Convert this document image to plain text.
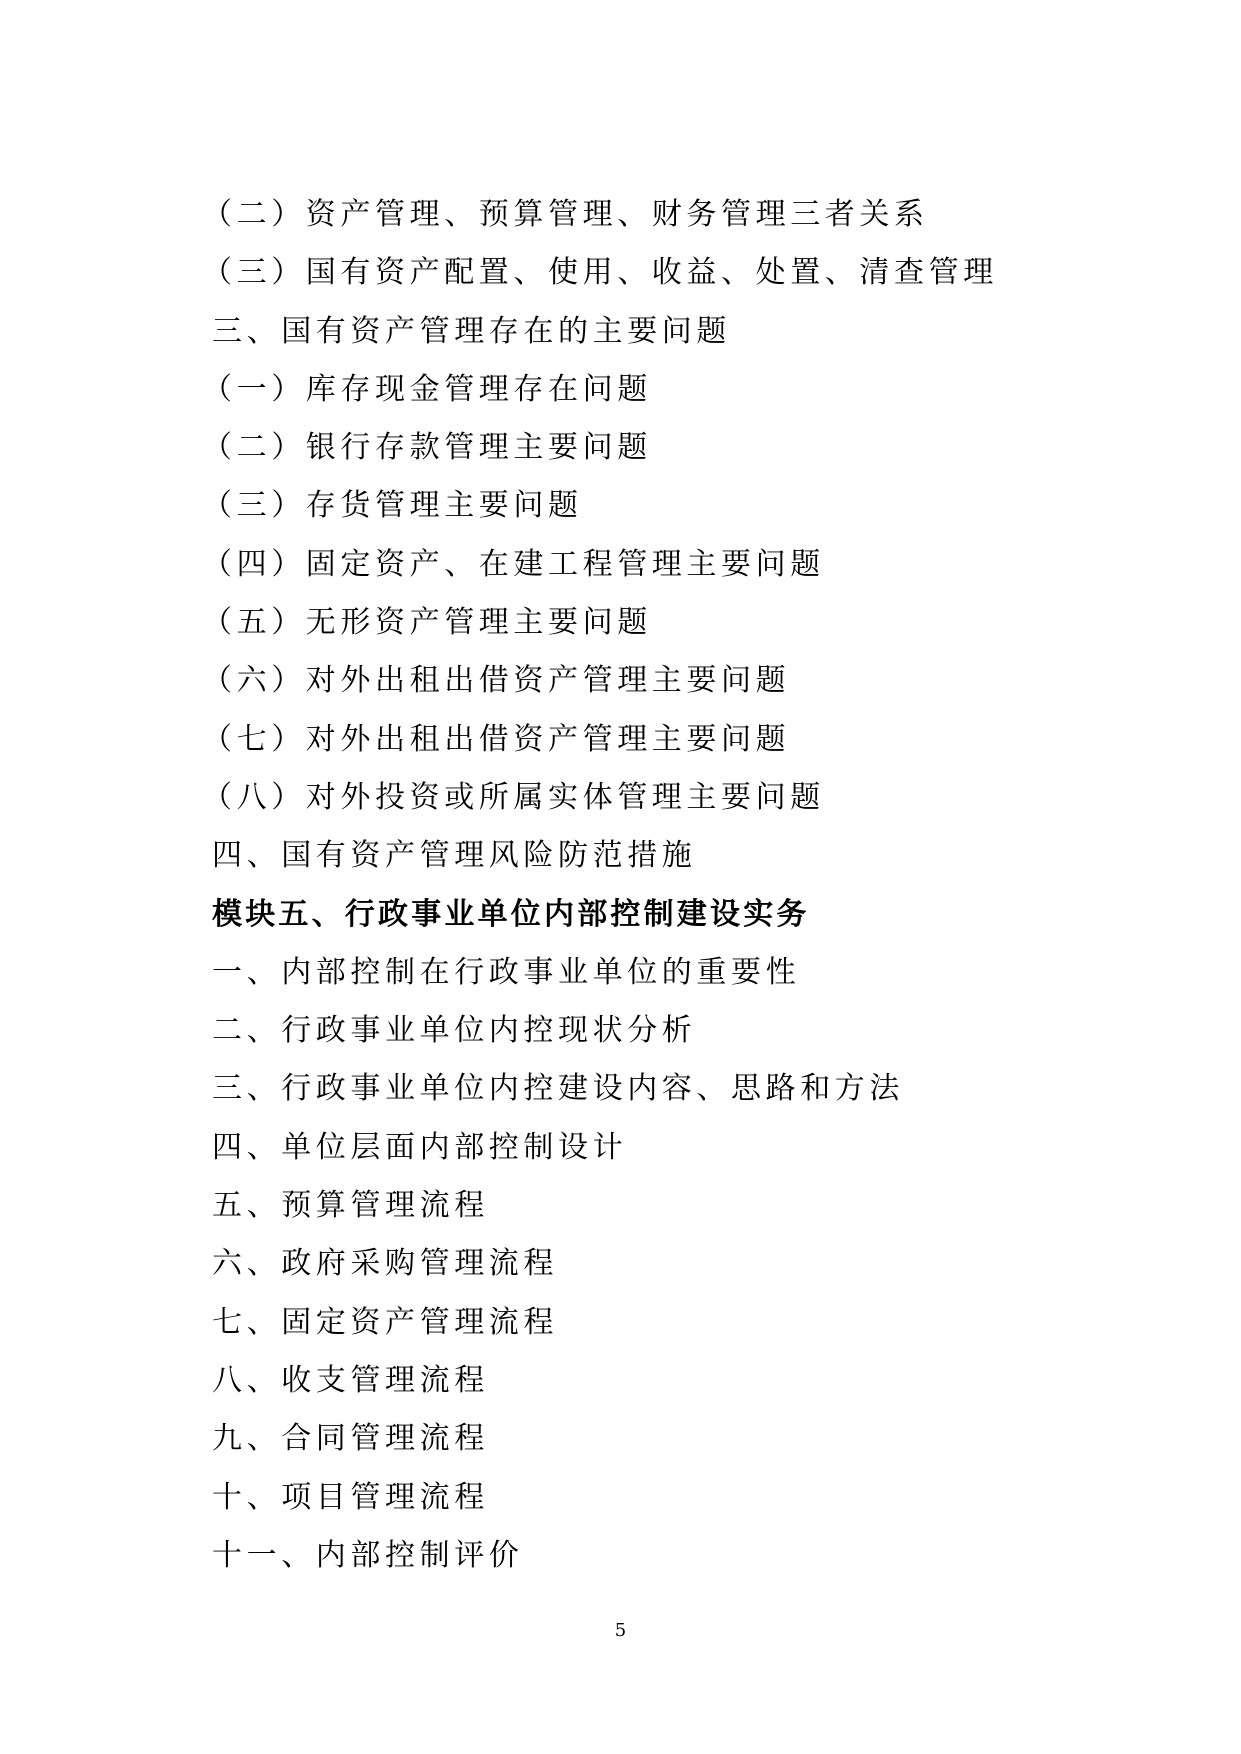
（二）资产管理、预算管理、财务管理三者关系
（三）国有资产配置、使用、收益、处置、清查管理
三、国有资产管理存在的主要问题
（一）库存现金管理存在问题
（二）银行存款管理主要问题
（三）存货管理主要问题
（四）固定资产、在建工程管理主要问题
（五）无形资产管理主要问题
（六）对外出租出借资产管理主要问题
（七）对外出租出借资产管理主要问题
（八）对外投资或所属实体管理主要问题
四、国有资产管理风险防范措施
模块五、行政事业单位内部控制建设实务
一、内部控制在行政事业单位的重要性
二、行政事业单位内控现状分析
三、行政事业单位内控建设内容、思路和方法
四、单位层面内部控制设计
五、预算管理流程
六、政府采购管理流程
七、固定资产管理流程
八、收支管理流程
九、合同管理流程
十、项目管理流程
十一、内部控制评价
5
